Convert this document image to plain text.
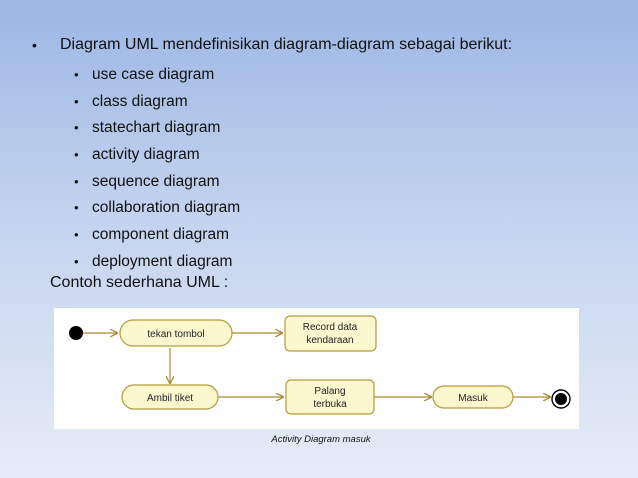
•	Diagram UML mendefinisikan diagram-diagram sebagai berikut:
• use case diagram
• class diagram
• statechart diagram
• activity diagram
• sequence diagram
• collaboration diagram
• component diagram
• deployment diagram
Contoh sederhana UML :
tekan tombol
Record data
kendaraan
Ambil tiket
Palang
terbuka
Masuk
Activity Diagram masuk
